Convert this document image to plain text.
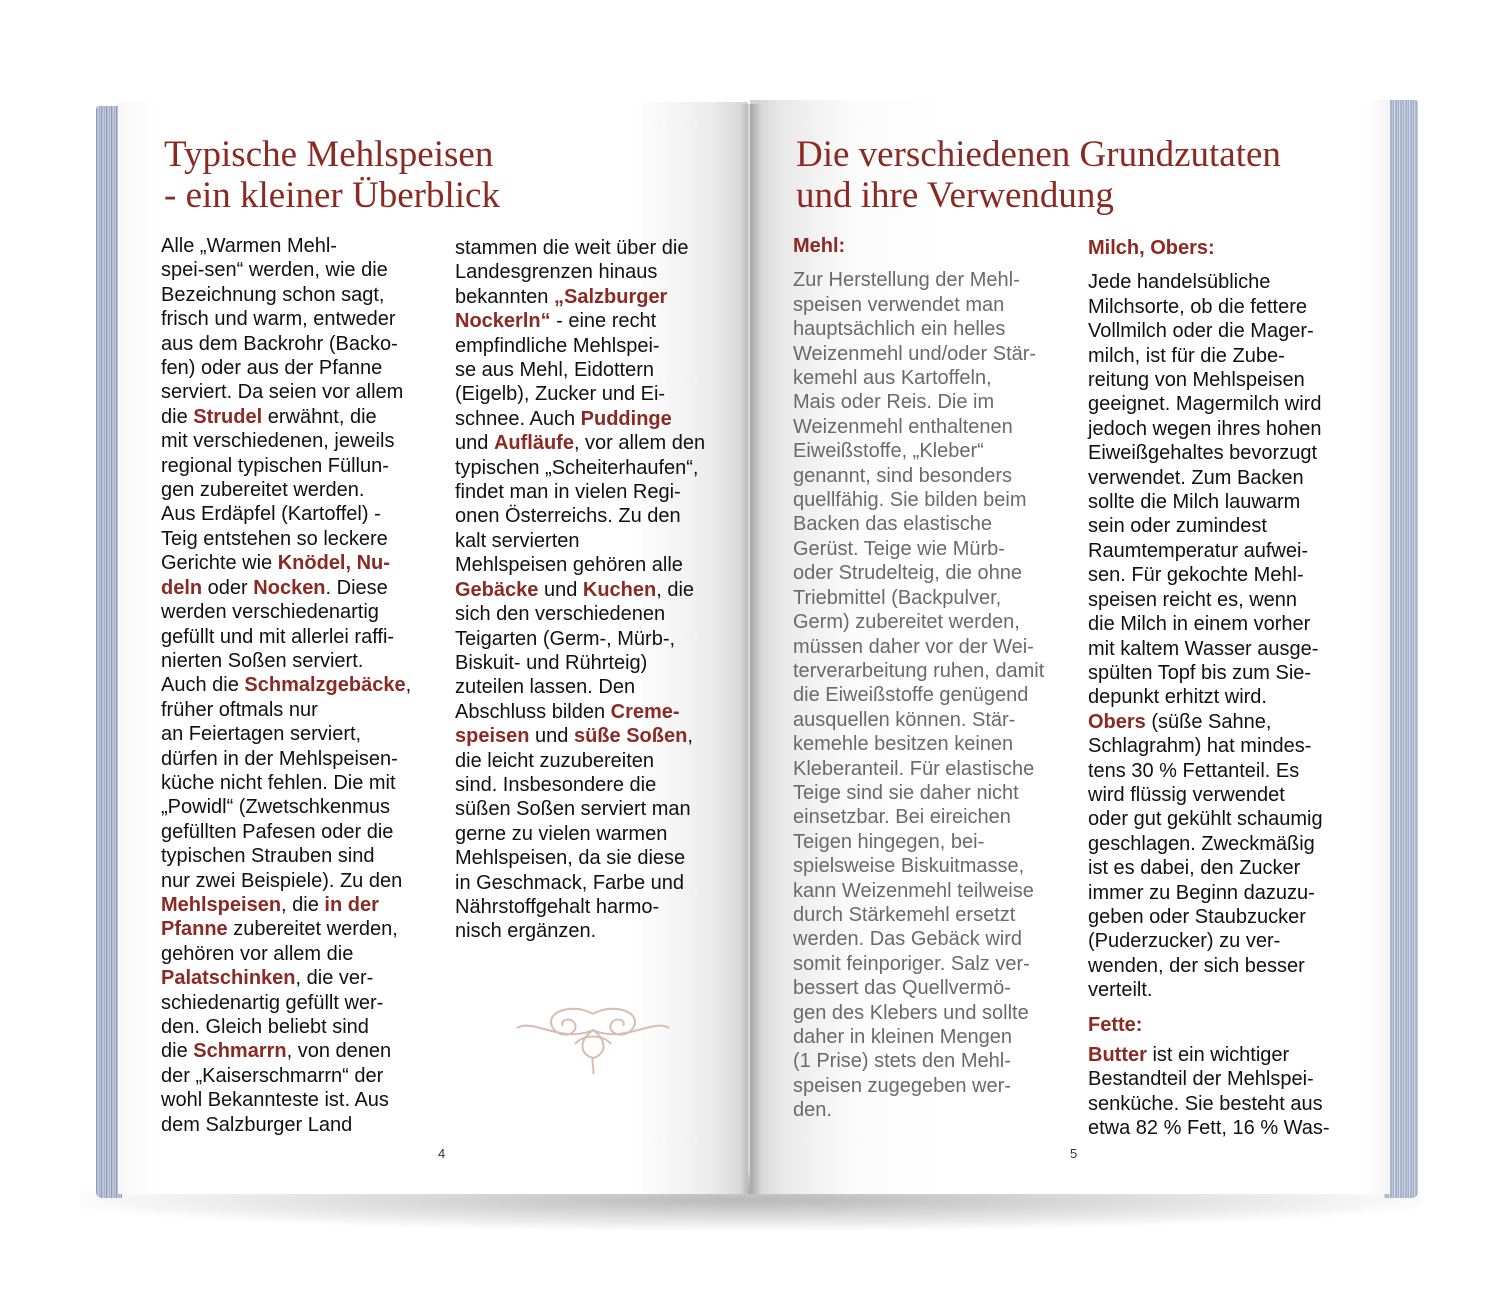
Typische Mehlspeisen
- ein kleiner Überblick
Alle „Warmen Mehl-
spei-sen“ werden, wie die
Bezeichnung schon sagt,
frisch und warm, entweder
aus dem Backrohr (Backo-
fen) oder aus der Pfanne
serviert. Da seien vor allem
die Strudel erwähnt, die
mit verschiedenen, jeweils
regional typischen Füllun-
gen zubereitet werden.
Aus Erdäpfel (Kartoffel) -
Teig entstehen so leckere
Gerichte wie Knödel, Nu-
deln oder Nocken. Diese
werden verschiedenartig
gefüllt und mit allerlei raffi-
nierten Soßen serviert.
Auch die Schmalzgebäcke,
früher oftmals nur
an Feiertagen serviert,
dürfen in der Mehlspeisen-
küche nicht fehlen. Die mit
„Powidl“ (Zwetschkenmus
gefüllten Pafesen oder die
typischen Strauben sind
nur zwei Beispiele). Zu den
Mehlspeisen, die in der
Pfanne zubereitet werden,
gehören vor allem die
Palatschinken, die ver-
schiedenartig gefüllt wer-
den. Gleich beliebt sind
die Schmarrn, von denen
der „Kaiserschmarrn“ der
wohl Bekannteste ist. Aus
dem Salzburger Land
stammen die weit über die
Landesgrenzen hinaus
bekannten „Salzburger
Nockerln“ - eine recht
empfindliche Mehlspei-
se aus Mehl, Eidottern
(Eigelb), Zucker und Ei-
schnee. Auch Puddinge
und Aufläufe, vor allem den
typischen „Scheiterhaufen“,
findet man in vielen Regi-
onen Österreichs. Zu den
kalt servierten
Mehlspeisen gehören alle
Gebäcke und Kuchen, die
sich den verschiedenen
Teigarten (Germ-, Mürb-,
Biskuit- und Rührteig)
zuteilen lassen. Den
Abschluss bilden Creme-
speisen und süße Soßen,
die leicht zuzubereiten
sind. Insbesondere die
süßen Soßen serviert man
gerne zu vielen warmen
Mehlspeisen, da sie diese
in Geschmack, Farbe und
Nährstoffgehalt harmo-
nisch ergänzen.
4
Die verschiedenen Grundzutaten
und ihre Verwendung
Mehl:
Zur Herstellung der Mehl-
speisen verwendet man
hauptsächlich ein helles
Weizenmehl und/oder Stär-
kemehl aus Kartoffeln,
Mais oder Reis. Die im
Weizenmehl enthaltenen
Eiweißstoffe, „Kleber“
genannt, sind besonders
quellfähig. Sie bilden beim
Backen das elastische
Gerüst. Teige wie Mürb-
oder Strudelteig, die ohne
Triebmittel (Backpulver,
Germ) zubereitet werden,
müssen daher vor der Wei-
terverarbeitung ruhen, damit
die Eiweißstoffe genügend
ausquellen können. Stär-
kemehle besitzen keinen
Kleberanteil. Für elastische
Teige sind sie daher nicht
einsetzbar. Bei eireichen
Teigen hingegen, bei-
spielsweise Biskuitmasse,
kann Weizenmehl teilweise
durch Stärkemehl ersetzt
werden. Das Gebäck wird
somit feinporiger. Salz ver-
bessert das Quellvermö-
gen des Klebers und sollte
daher in kleinen Mengen
(1 Prise) stets den Mehl-
speisen zugegeben wer-
den.
Milch, Obers:
Jede handelsübliche
Milchsorte, ob die fettere
Vollmilch oder die Mager-
milch, ist für die Zube-
reitung von Mehlspeisen
geeignet. Magermilch wird
jedoch wegen ihres hohen
Eiweißgehaltes bevorzugt
verwendet. Zum Backen
sollte die Milch lauwarm
sein oder zumindest
Raumtemperatur aufwei-
sen. Für gekochte Mehl-
speisen reicht es, wenn
die Milch in einem vorher
mit kaltem Wasser ausge-
spülten Topf bis zum Sie-
depunkt erhitzt wird.
Obers (süße Sahne,
Schlagrahm) hat mindes-
tens 30 % Fettanteil. Es
wird flüssig verwendet
oder gut gekühlt schaumig
geschlagen. Zweckmäßig
ist es dabei, den Zucker
immer zu Beginn dazuzu-
geben oder Staubzucker
(Puderzucker) zu ver-
wenden, der sich besser
verteilt.
Fette:
Butter ist ein wichtiger
Bestandteil der Mehlspei-
senküche. Sie besteht aus
etwa 82 % Fett, 16 % Was-
5
